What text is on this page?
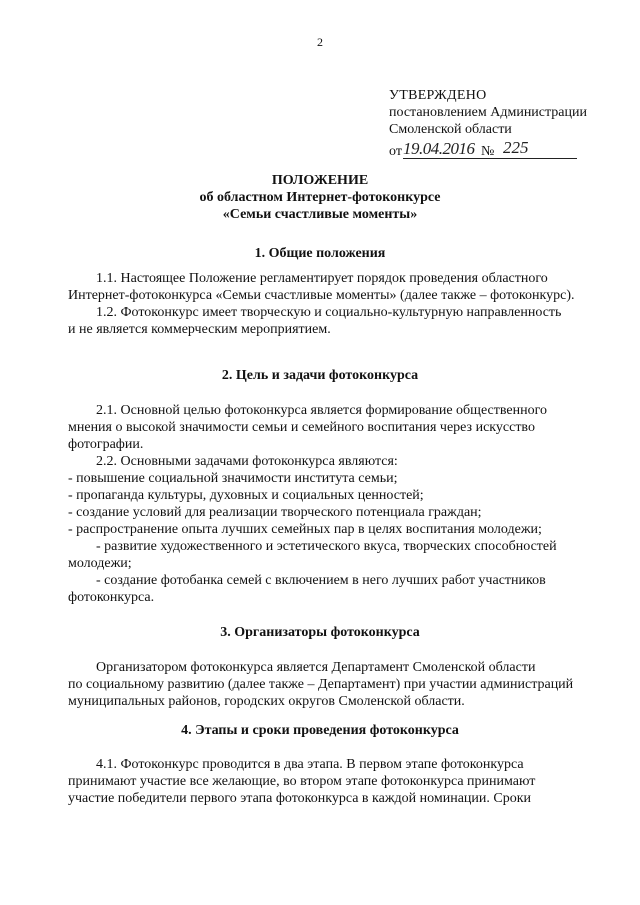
2
УТВЕРЖДЕНО
постановлением Администрации
Смоленской области
от 19.04.2016 № 225
ПОЛОЖЕНИЕ
об областном Интернет-фотоконкурсе
«Семьи счастливые моменты»
1. Общие положения
1.1. Настоящее Положение регламентирует порядок проведения областного
Интернет-фотоконкурса «Семьи счастливые моменты» (далее также – фотоконкурс).
1.2. Фотоконкурс имеет творческую и социально-культурную направленность
и не является коммерческим мероприятием.
2. Цель и задачи фотоконкурса
2.1. Основной целью фотоконкурса является формирование общественного
мнения о высокой значимости семьи и семейного воспитания через искусство
фотографии.
2.2. Основными задачами фотоконкурса являются:
- повышение социальной значимости института семьи;
- пропаганда культуры, духовных и социальных ценностей;
- создание условий для реализации творческого потенциала граждан;
- распространение опыта лучших семейных пар в целях воспитания молодежи;
- развитие художественного и эстетического вкуса, творческих способностей
молодежи;
- создание фотобанка семей с включением в него лучших работ участников
фотоконкурса.
3. Организаторы фотоконкурса
Организатором фотоконкурса является Департамент Смоленской области
по социальному развитию (далее также – Департамент) при участии администраций
муниципальных районов, городских округов Смоленской области.
4. Этапы и сроки проведения фотоконкурса
4.1. Фотоконкурс проводится в два этапа. В первом этапе фотоконкурса
принимают участие все желающие, во втором этапе фотоконкурса принимают
участие победители первого этапа фотоконкурса в каждой номинации. Сроки
